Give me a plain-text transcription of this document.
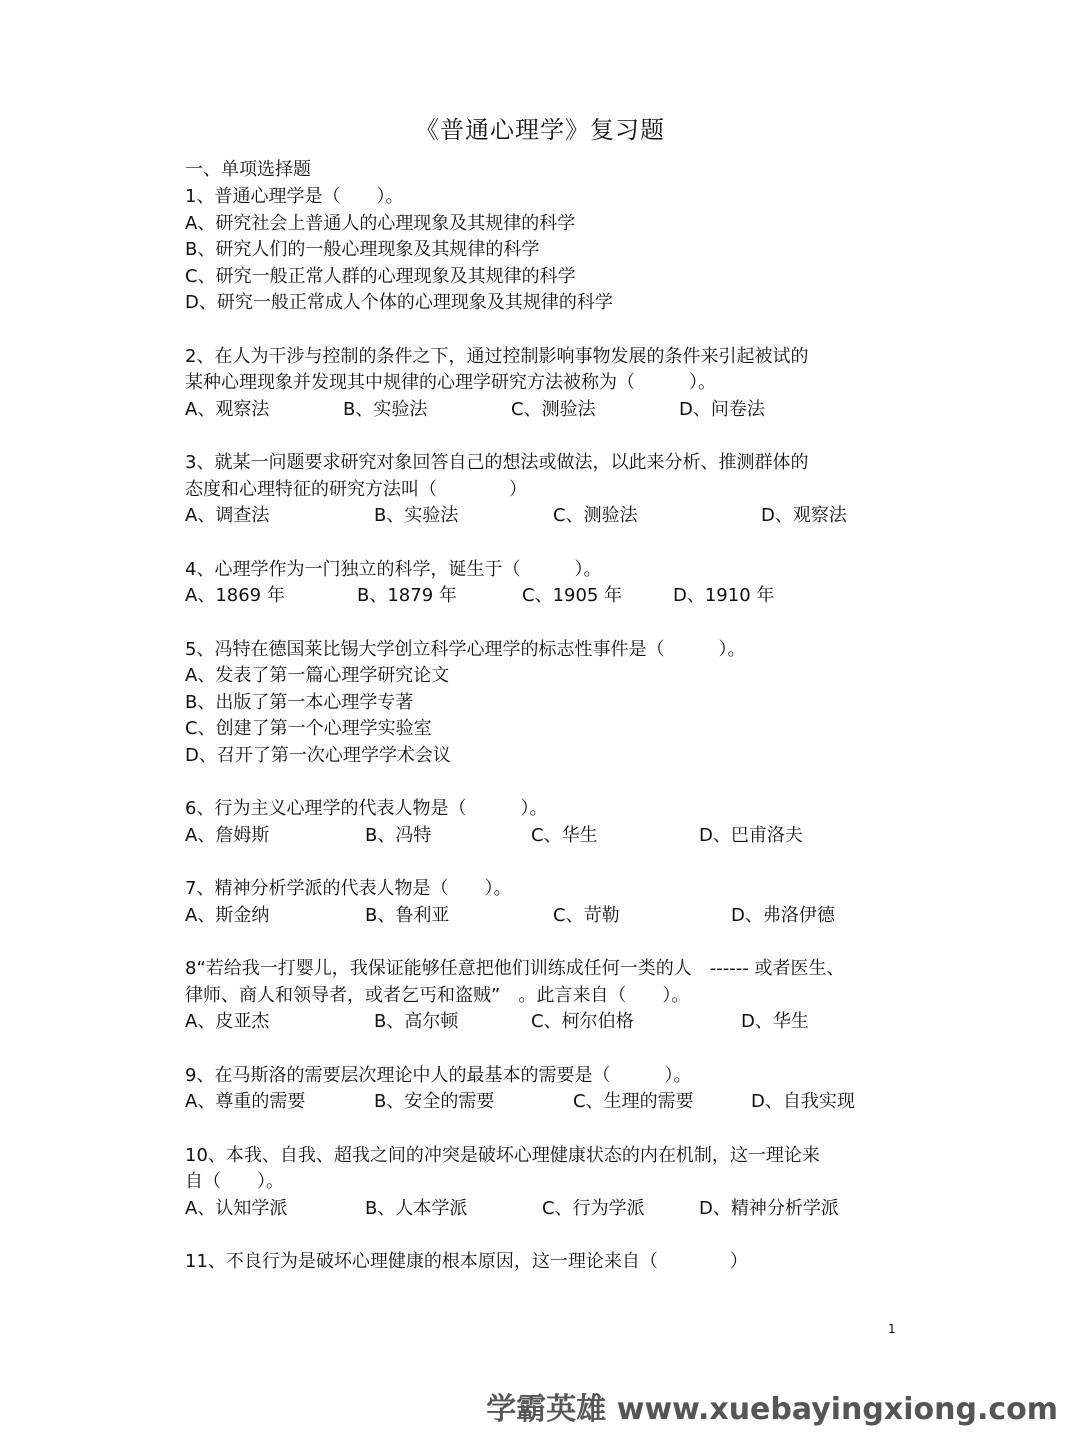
《普通心理学》复习题
一、单项选择题
1、普通心理学是（　　）。
A、研究社会上普通人的心理现象及其规律的科学
B、研究人们的一般心理现象及其规律的科学
C、研究一般正常人群的心理现象及其规律的科学
D、研究一般正常成人个体的心理现象及其规律的科学
2、在人为干涉与控制的条件之下，通过控制影响事物发展的条件来引起被试的
某种心理现象并发现其中规律的心理学研究方法被称为（　　　）。
A、观察法	B、实验法	C、测验法	D、问卷法
3、就某一问题要求研究对象回答自己的想法或做法，以此来分析、推测群体的
态度和心理特征的研究方法叫（　　　　）
A、调查法	B、实验法	C、测验法	D、观察法
4、心理学作为一门独立的科学，诞生于（　　　）。
A、1869 年	B、1879 年	C、1905 年	D、1910 年
5、冯特在德国莱比锡大学创立科学心理学的标志性事件是（　　　）。
A、发表了第一篇心理学研究论文
B、出版了第一本心理学专著
C、创建了第一个心理学实验室
D、召开了第一次心理学学术会议
6、行为主义心理学的代表人物是（　　　）。
A、詹姆斯	B、冯特	C、华生	D、巴甫洛夫
7、精神分析学派的代表人物是（　　）。
A、斯金纳	B、鲁利亚	C、苛勒	D、弗洛伊德
8“若给我一打婴儿，我保证能够任意把他们训练成任何一类的人　------ 或者医生、
律师、商人和领导者，或者乞丐和盗贼”　。此言来自（　　）。
A、皮亚杰	B、高尔顿	C、柯尔伯格	D、华生
9、在马斯洛的需要层次理论中人的最基本的需要是（　　　）。
A、尊重的需要	B、安全的需要	C、生理的需要	D、自我实现
10、本我、自我、超我之间的冲突是破坏心理健康状态的内在机制，这一理论来
自（　　）。
A、认知学派	B、人本学派	C、行为学派	D、精神分析学派
11、不良行为是破坏心理健康的根本原因，这一理论来自（　　　　）
1
学霸英雄 www.xuebayingxiong.com
